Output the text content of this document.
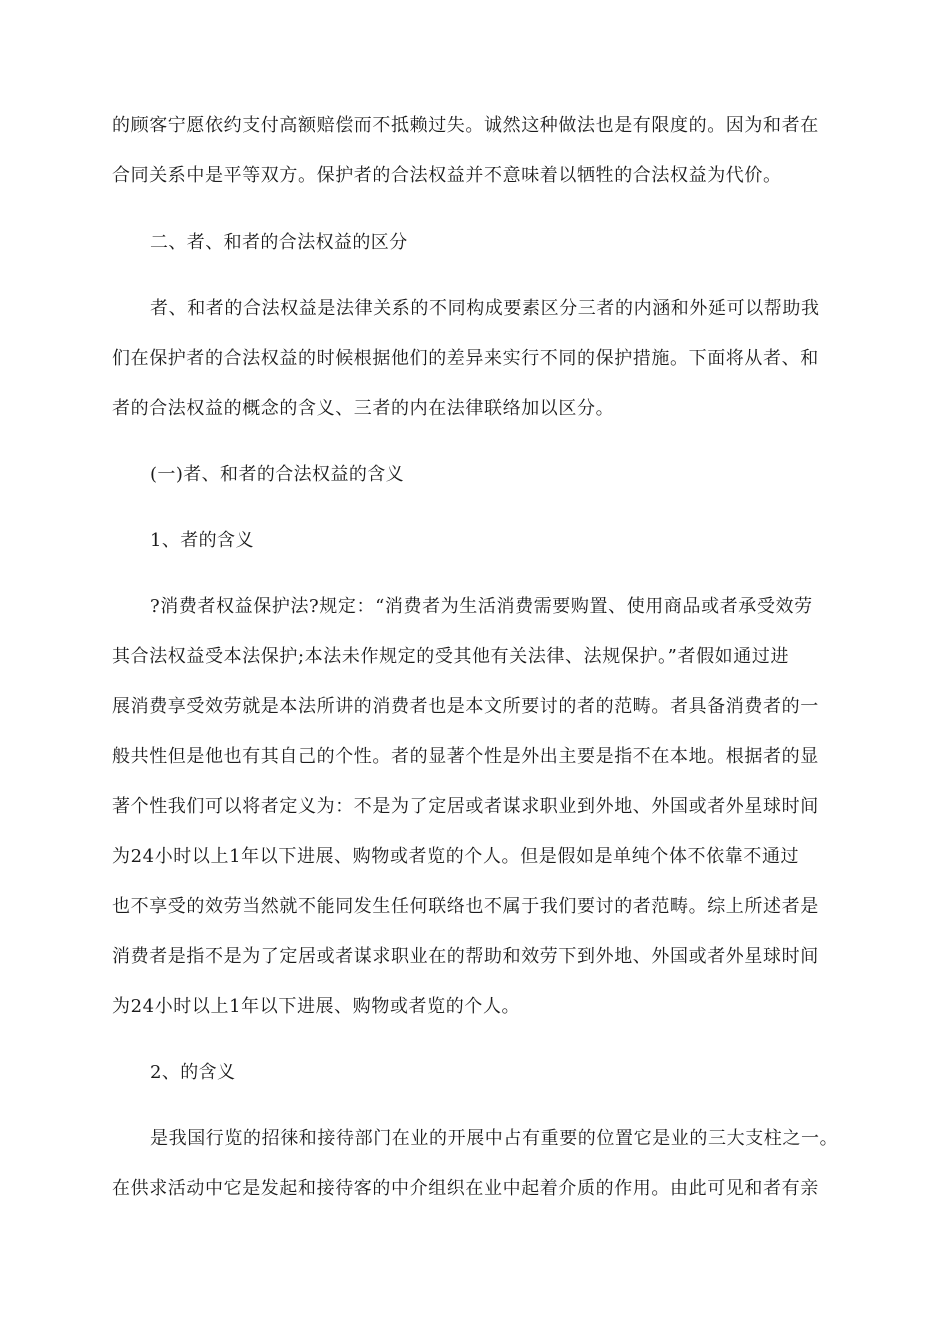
的顾客宁愿依约支付高额赔偿而不抵赖过失。诚然这种做法也是有限度的。因为和者在
合同关系中是平等双方。保护者的合法权益并不意味着以牺牲的合法权益为代价。
二、者、和者的合法权益的区分
者、和者的合法权益是法律关系的不同构成要素区分三者的内涵和外延可以帮助我
们在保护者的合法权益的时候根据他们的差异来实行不同的保护措施。下面将从者、和
者的合法权益的概念的含义、三者的内在法律联络加以区分。
(一)者、和者的合法权益的含义
1、者的含义
?消费者权益保护法?规定：“消费者为生活消费需要购置、使用商品或者承受效劳
其合法权益受本法保护;本法未作规定的受其他有关法律、法规保护。”者假如通过进
展消费享受效劳就是本法所讲的消费者也是本文所要讨的者的范畴。者具备消费者的一
般共性但是他也有其自己的个性。者的显著个性是外出主要是指不在本地。根据者的显
著个性我们可以将者定义为：不是为了定居或者谋求职业到外地、外国或者外星球时间
为24小时以上1年以下进展、购物或者览的个人。但是假如是单纯个体不依靠不通过
也不享受的效劳当然就不能同发生任何联络也不属于我们要讨的者范畴。综上所述者是
消费者是指不是为了定居或者谋求职业在的帮助和效劳下到外地、外国或者外星球时间
为24小时以上1年以下进展、购物或者览的个人。
2、的含义
是我国行览的招徕和接待部门在业的开展中占有重要的位置它是业的三大支柱之一。
在供求活动中它是发起和接待客的中介组织在业中起着介质的作用。由此可见和者有亲
